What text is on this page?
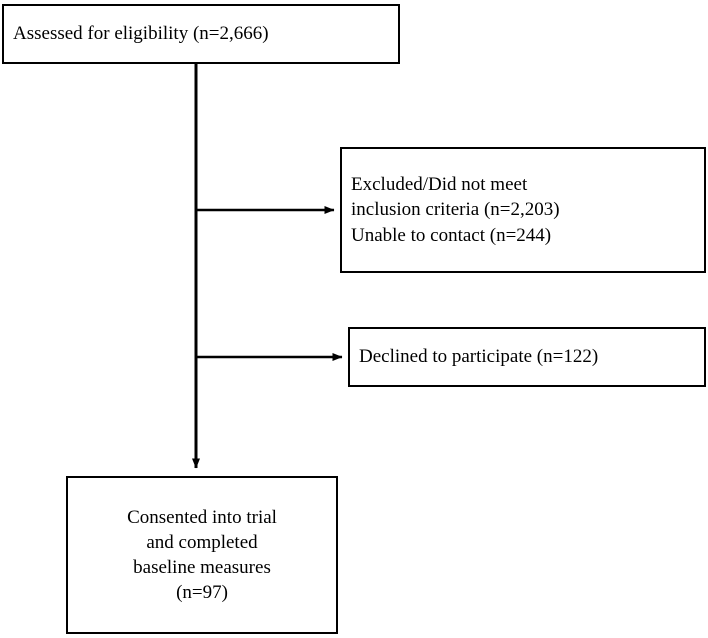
Assessed for eligibility (n=2,666)
Excluded/Did not meet
inclusion criteria (n=2,203)
Unable to contact (n=244)
Declined to participate (n=122)
Consented into trial
and completed
baseline measures
(n=97)
